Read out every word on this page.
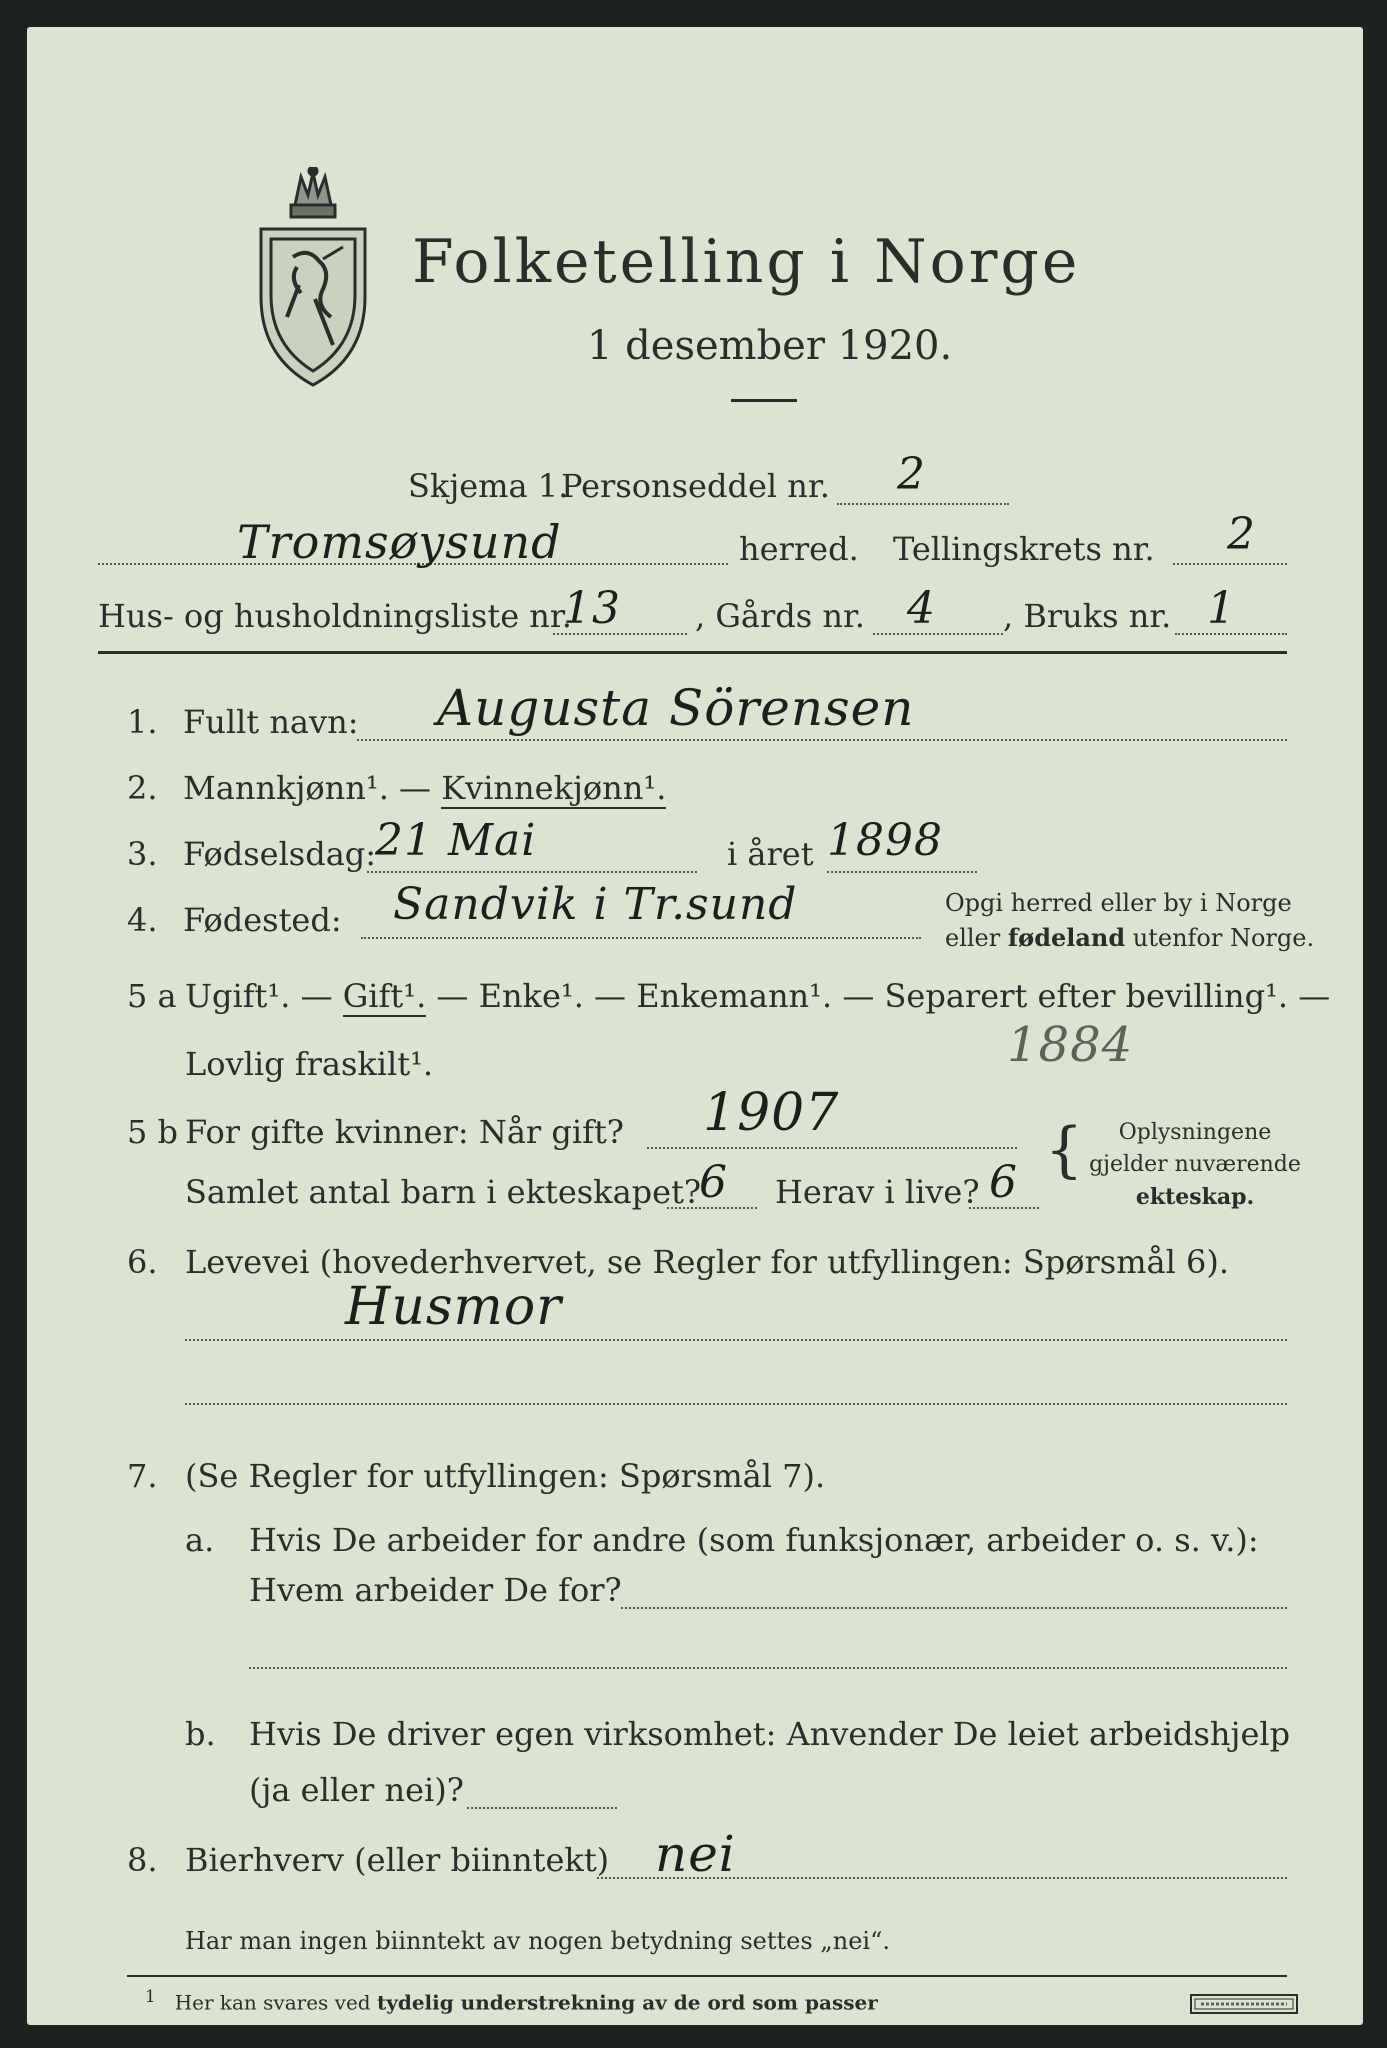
Folketelling i Norge
1 desember 1920.
Skjema 1.
Personseddel nr. 2
Tromsøysund	herred. Tellingskrets nr. 2
Hus- og husholdningsliste nr.
13 , Gårds nr. 4 , Bruks nr. 1
1. Fullt navn: Augusta Sörensen
2. Mannkjønn¹. — Kvinnekjønn¹.
3. Fødselsdag:
21 Mai	i året 1898
4. Fødested: Sandvik i Tr.sund	Opgi herred eller by i Norge
eller fødeland utenfor Norge.
5 a Ugift¹. — Gift¹. — Enke¹. — Enkemann¹. — Separert efter bevilling¹. —
Lovlig fraskilt¹.	1884
5 b For gifte kvinner: Når gift? 1907
Samlet antal barn i ekteskapet?
6 Herav i live? 6 {	Oplysningene
gjelder nuværende
ekteskap.
6. Levevei (hovederhvervet, se Regler for utfyllingen: Spørsmål 6).
Husmor
7. (Se Regler for utfyllingen: Spørsmål 7).
a. Hvis De arbeider for andre (som funksjonær, arbeider o. s. v.):
Hvem arbeider De for?
b. Hvis De driver egen virksomhet: Anvender De leiet arbeidshjelp
(ja eller nei)?
8. Bierhverv (eller biinntekt) nei
Har man ingen biinntekt av nogen betydning settes „nei“.
$^1$ Her kan svares ved tydelig understrekning av de ord som passer
